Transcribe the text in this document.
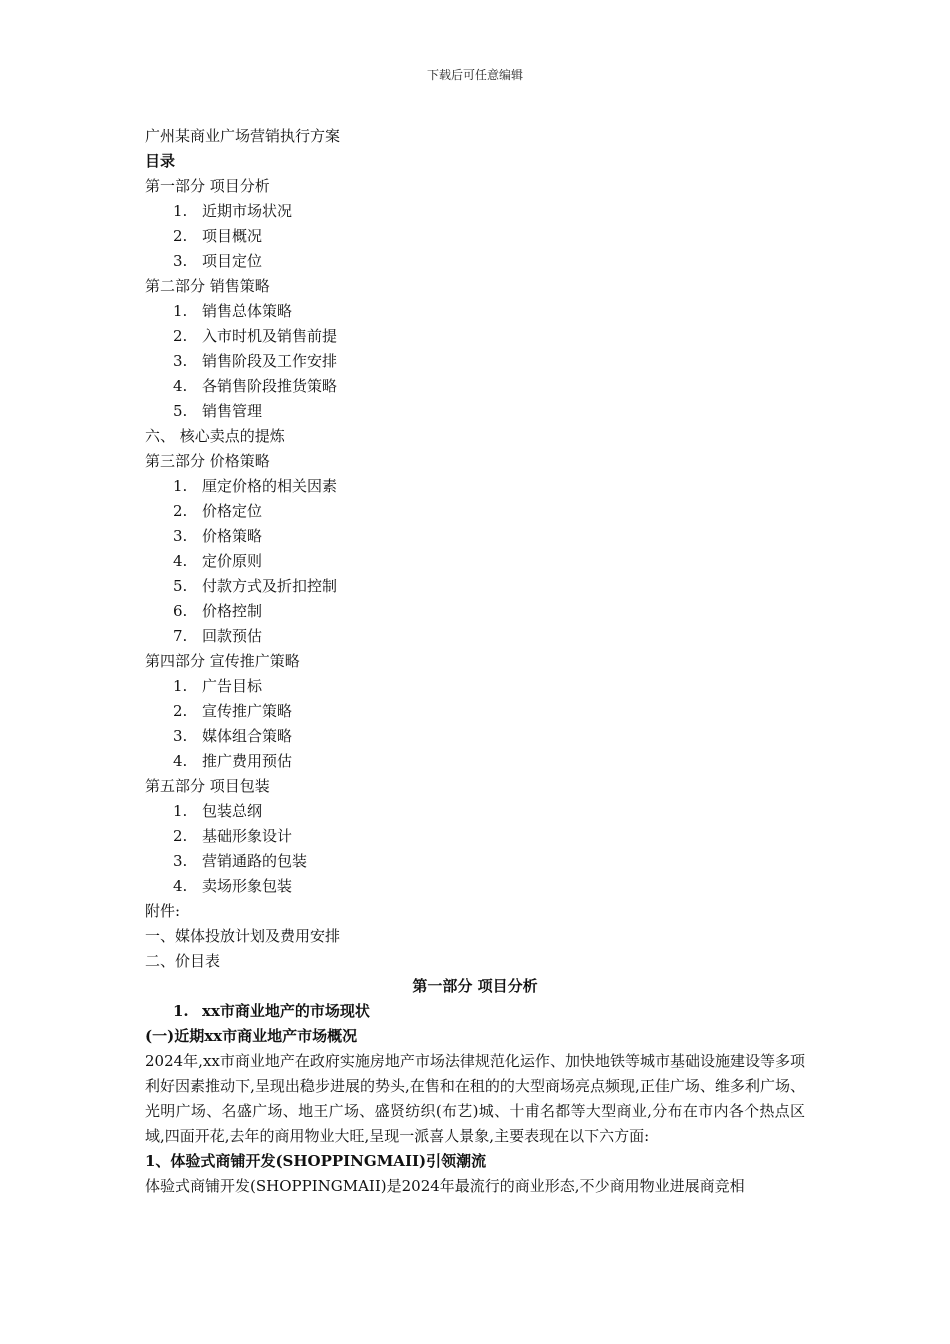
下载后可任意编辑
广州某商业广场营销执行方案
目录
第一部分 项目分析
1. 近期市场状况
2. 项目概况
3. 项目定位
第二部分 销售策略
1. 销售总体策略
2. 入市时机及销售前提
3. 销售阶段及工作安排
4. 各销售阶段推货策略
5. 销售管理
六、 核心卖点的提炼
第三部分 价格策略
1. 厘定价格的相关因素
2. 价格定位
3. 价格策略
4. 定价原则
5. 付款方式及折扣控制
6. 价格控制
7. 回款预估
第四部分 宣传推广策略
1. 广告目标
2. 宣传推广策略
3. 媒体组合策略
4. 推广费用预估
第五部分 项目包装
1. 包装总纲
2. 基础形象设计
3. 营销通路的包装
4. 卖场形象包装
附件:
一、媒体投放计划及费用安排
二、价目表
第一部分 项目分析
1. xx市商业地产的市场现状
(一)近期xx市商业地产市场概况
2024年,xx市商业地产在政府实施房地产市场法律规范化运作、加快地铁等城市基础设施建设等多项利好因素推动下,呈现出稳步进展的势头,在售和在租的的大型商场亮点频现,正佳广场、维多利广场、光明广场、名盛广场、地王广场、盛贤纺织(布艺)城、十甫名都等大型商业,分布在市内各个热点区域,四面开花,去年的商用物业大旺,呈现一派喜人景象,主要表现在以下六方面:
1、体验式商铺开发(SHOPPINGMAII)引领潮流
体验式商铺开发(SHOPPINGMAII)是2024年最流行的商业形态,不少商用物业进展商竞相
